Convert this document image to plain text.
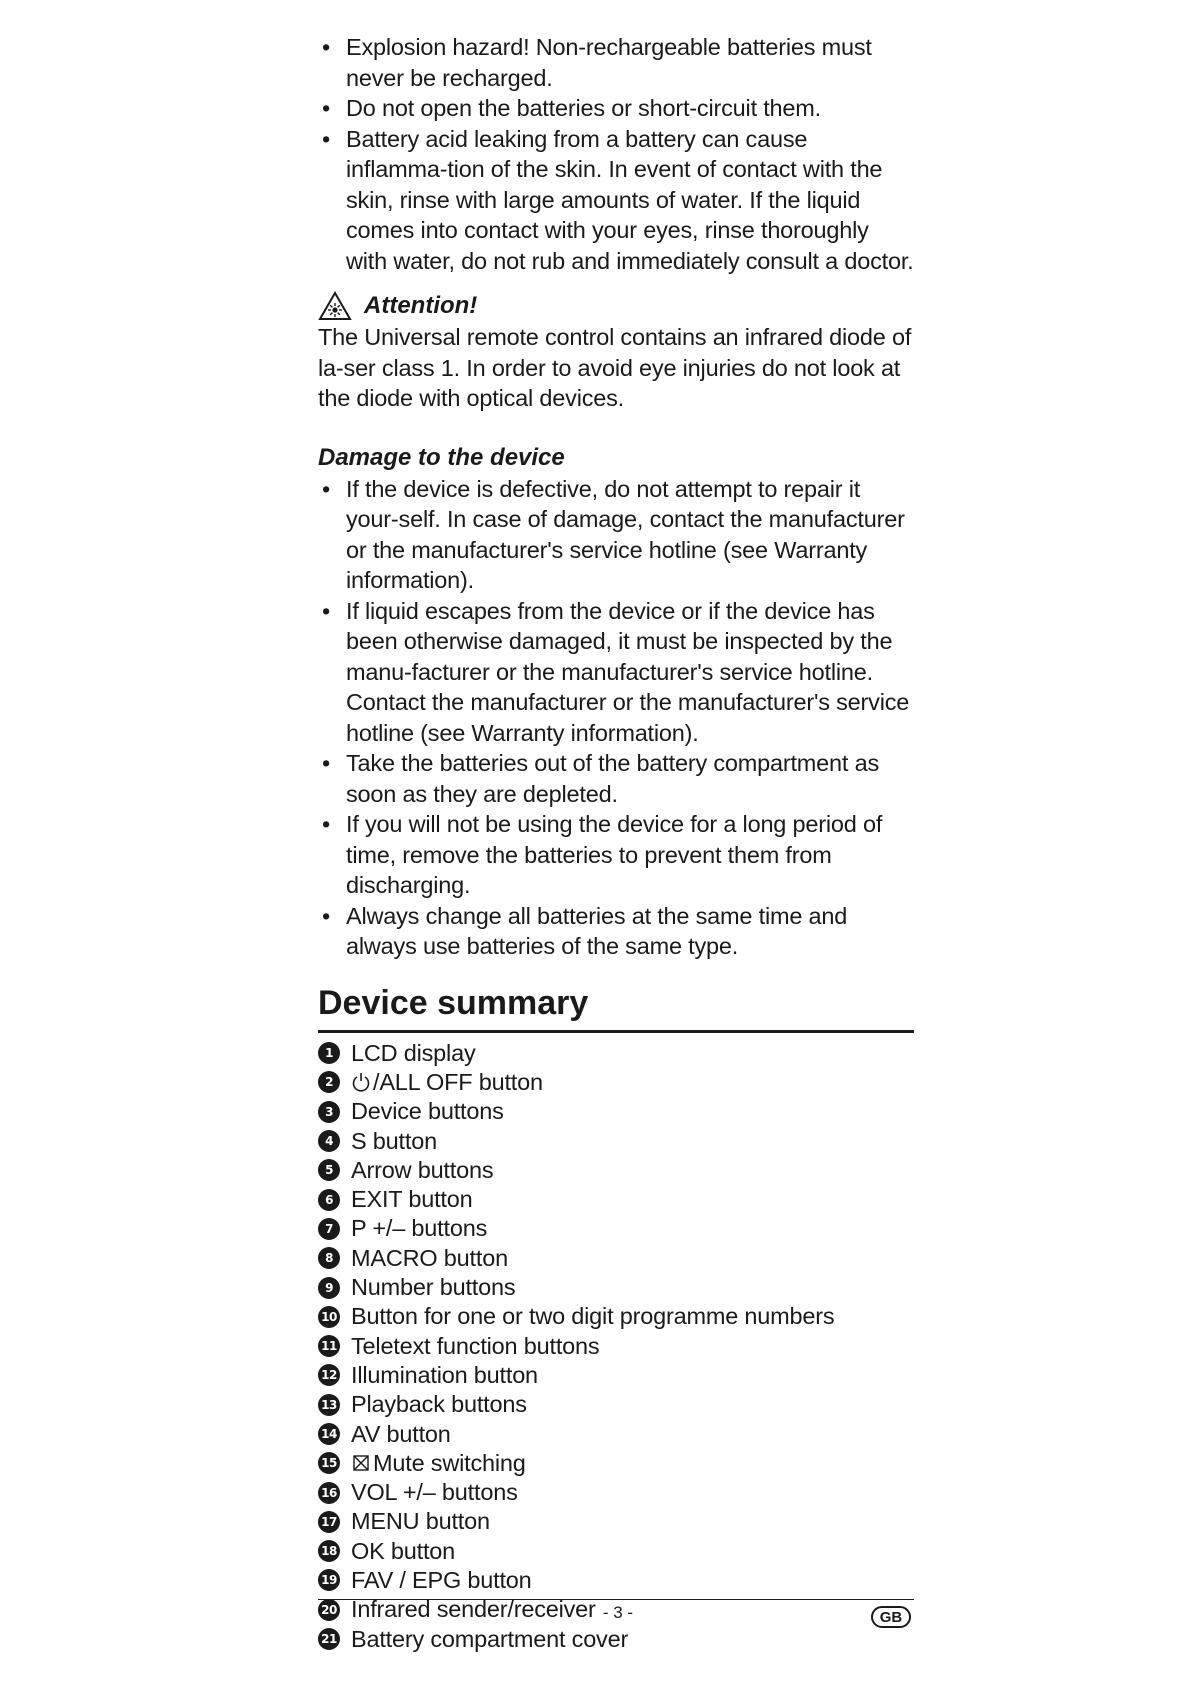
• Explosion hazard! Non-rechargeable batteries must never be recharged.
• Do not open the batteries or short-circuit them.
• Battery acid leaking from a battery can cause inflamma-tion of the skin. In event of contact with the skin, rinse with large amounts of water. If the liquid comes into contact with your eyes, rinse thoroughly with water, do not rub and immediately consult a doctor.
Attention!

The Universal remote control contains an infrared diode of la-ser class 1. In order to avoid eye injuries do not look at the diode with optical devices.

Damage to the device
• If the device is defective, do not attempt to repair it your-self. In case of damage, contact the manufacturer or the manufacturer's service hotline (see Warranty information).
• If liquid escapes from the device or if the device has been otherwise damaged, it must be inspected by the manu-facturer or the manufacturer's service hotline. Contact the manufacturer or the manufacturer's service hotline (see Warranty information).
• Take the batteries out of the battery compartment as soon as they are depleted.
• If you will not be using the device for a long period of time, remove the batteries to prevent them from discharging.
• Always change all batteries at the same time and always use batteries of the same type.
Device summary
1 LCD display
2	/ALL OFF button
3 Device buttons
4 S button
5 Arrow buttons
6 EXIT button
7 P +/– buttons
8 MACRO button
9 Number buttons
10 Button for one or two digit programme numbers
11 Teletext function buttons
12 Illumination button
13 Playback buttons
14 AV button
15 Mute switching
16 VOL +/– buttons
17 MENU button
18 OK button
19 FAV / EPG button
20 Infrared sender/receiver
21 Battery compartment cover
- 3 -	GB
